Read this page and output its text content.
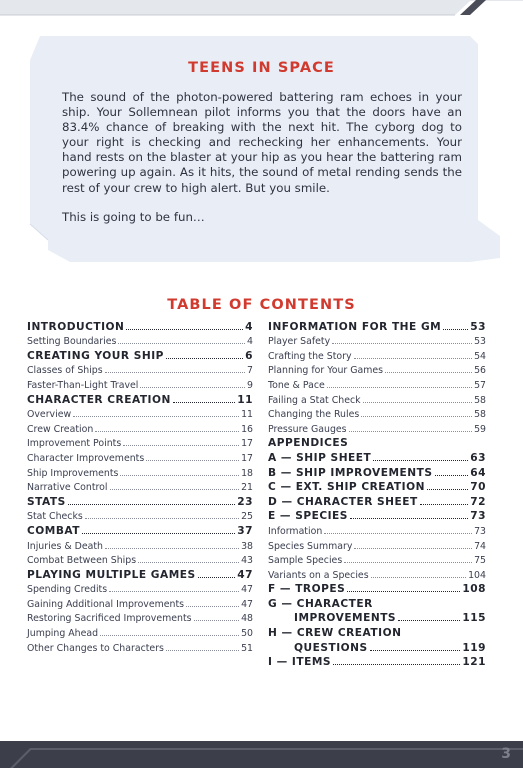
TEENS IN SPACE

The sound of the photon-powered battering ram echoes in your ship. Your Sollemnean pilot informs you that the doors have an 83.4% chance of breaking with the next hit. The cyborg dog to your right is checking and rechecking her enhancements. Your hand rests on the blaster at your hip as you hear the battering ram powering up again. As it hits, the sound of metal rending sends the rest of your crew to high alert. But you smile.

This is going to be fun…

TABLE OF CONTENTS
INTRODUCTION	4
Setting Boundaries	4
CREATING YOUR SHIP	6
Classes of Ships	7
Faster-Than-Light Travel	9
CHARACTER CREATION	11
Overview	11
Crew Creation	16
Improvement Points	17
Character Improvements	17
Ship Improvements	18
Narrative Control	21
STATS	23
Stat Checks	25
COMBAT	37
Injuries & Death	38
Combat Between Ships	43
PLAYING MULTIPLE GAMES	47
Spending Credits	47
Gaining Additional Improvements	47
Restoring Sacrificed Improvements	48
Jumping Ahead	50
Other Changes to Characters	51
INFORMATION FOR THE GM	53
Player Safety	53
Crafting the Story	54
Planning for Your Games	56
Tone & Pace	57
Failing a Stat Check	58
Changing the Rules	58
Pressure Gauges	59
APPENDICES
A — SHIP SHEET	63
B — SHIP IMPROVEMENTS	64
C — EXT. SHIP CREATION	70
D — CHARACTER SHEET	72
E — SPECIES	73
Information	73
Species Summary	74
Sample Species	75
Variants on a Species	104
F — TROPES	108
G — CHARACTER
IMPROVEMENTS	115
H — CREW CREATION
QUESTIONS	119
I — ITEMS	121
3
